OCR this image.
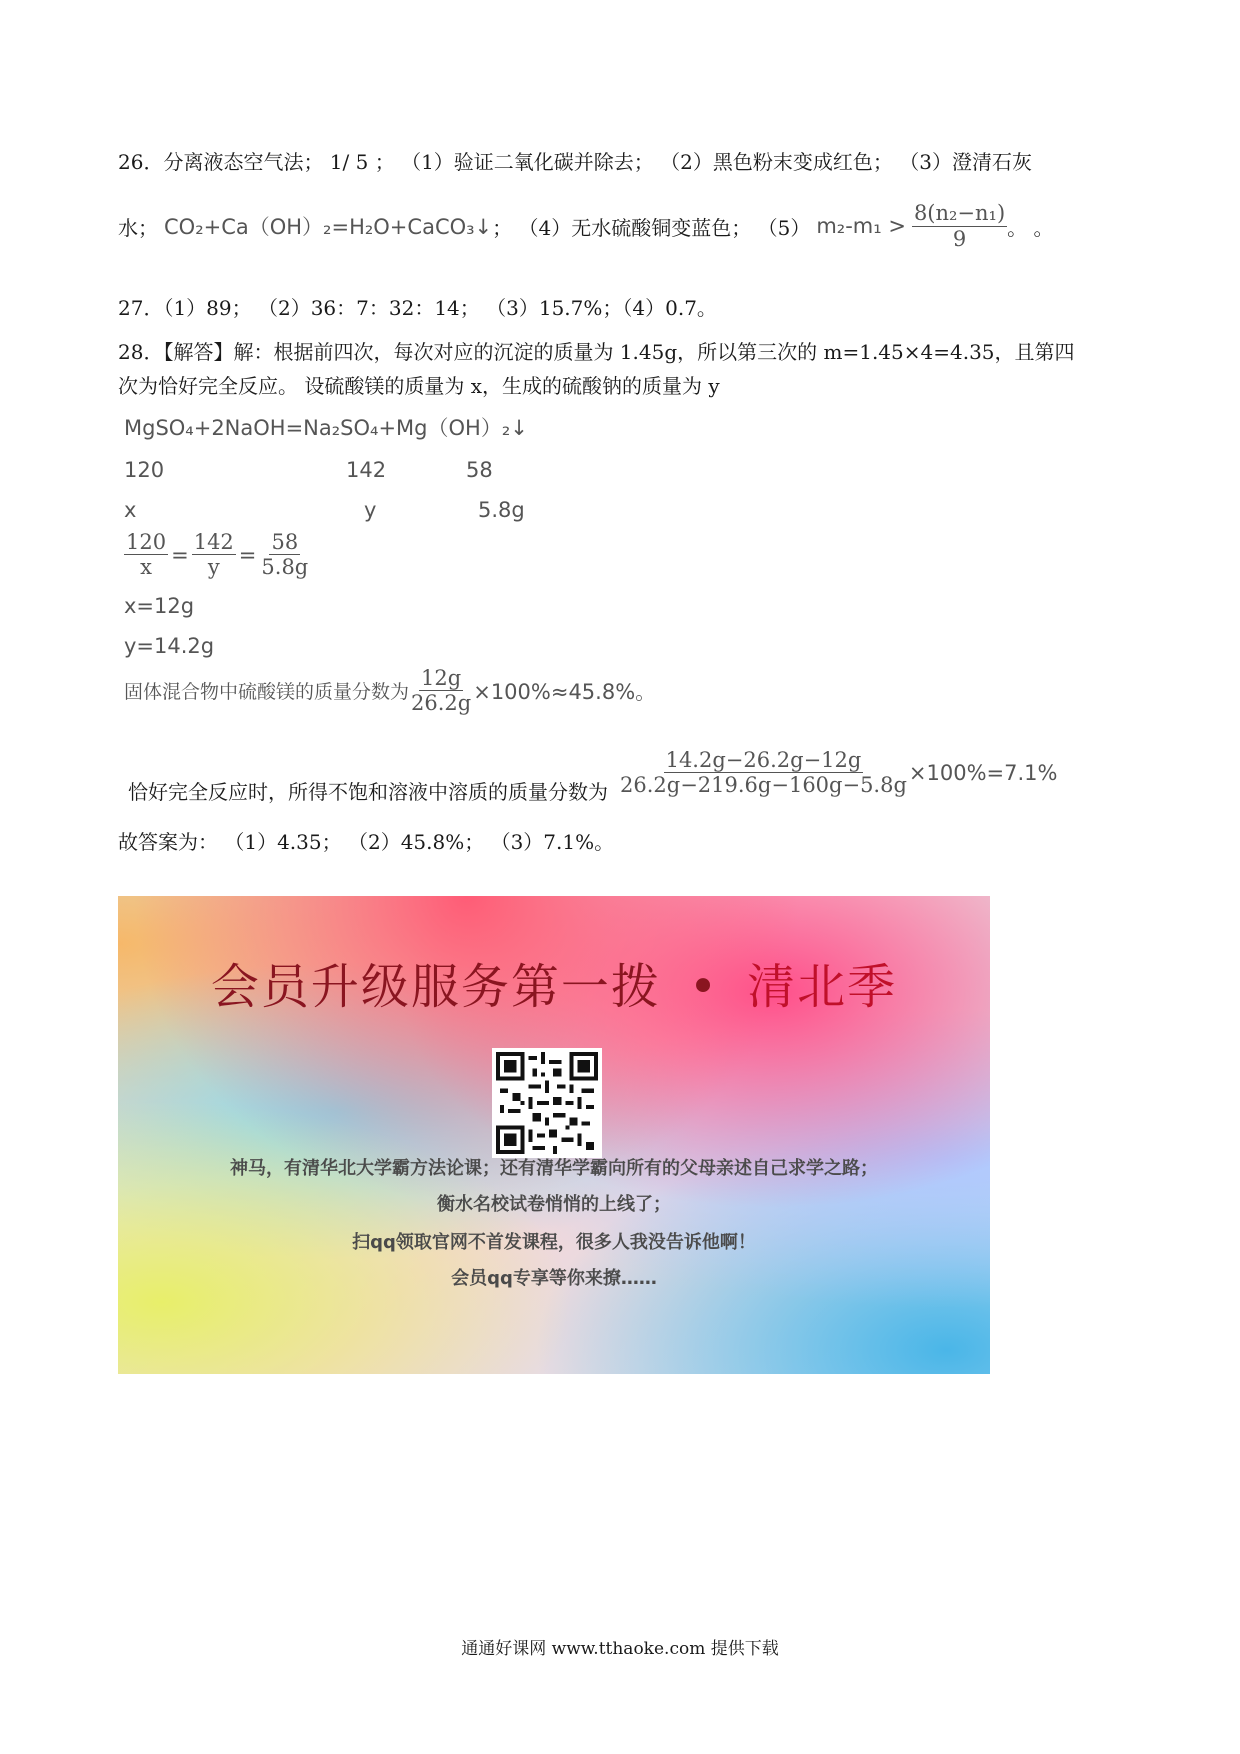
26．分离液态空气法； 1/ 5 ； （1）验证二氧化碳并除去； （2）黑色粉末变成红色； （3）澄清石灰
水； CO₂+Ca（OH）₂=H₂O+CaCO₃↓ ； （4）无水硫酸铜变蓝色； （5） $m_2-m_1 > \frac{\text{8(n₂−n₁)}}{9}$ 。 。
27．（1）89； （2）36：7：32：14； （3）15.7%；（4）0.7。
28．【解答】解：根据前四次，每次对应的沉淀的质量为 1.45g，所以第三次的 m=1.45×4=4.35，且第四
次为恰好完全反应。 设硫酸镁的质量为 x，生成的硫酸钠的质量为 y
MgSO₄+2NaOH=Na₂SO₄+Mg（OH）₂↓
120	142	58
x	y	5.8g
$\frac{120}{x} = \frac{142}{y} = \frac{58}{5.8g}$
x=12g
y=14.2g
固体混合物中硫酸镁的质量分数为 $\frac{12g}{26.2g} \times 100\%\approx 45.8\%$。
恰好完全反应时，所得不饱和溶液中溶质的质量分数为 $\frac{14.2g-26.2g-12g}{26.2g-219.6g-160g-5.8g} \times 100\%=7.1\%$
故答案为： （1）4.35； （2）45.8%； （3）7.1%。
会员升级服务第一拨 • 清北季
神马，有清华北大学霸方法论课；还有清华学霸向所有的父母亲述自己求学之路；
衡水名校试卷悄悄的上线了；
扫qq领取官网不首发课程，很多人我没告诉他啊！
会员qq专享等你来撩……
通通好课网 www.tthaoke.com 提供下载
